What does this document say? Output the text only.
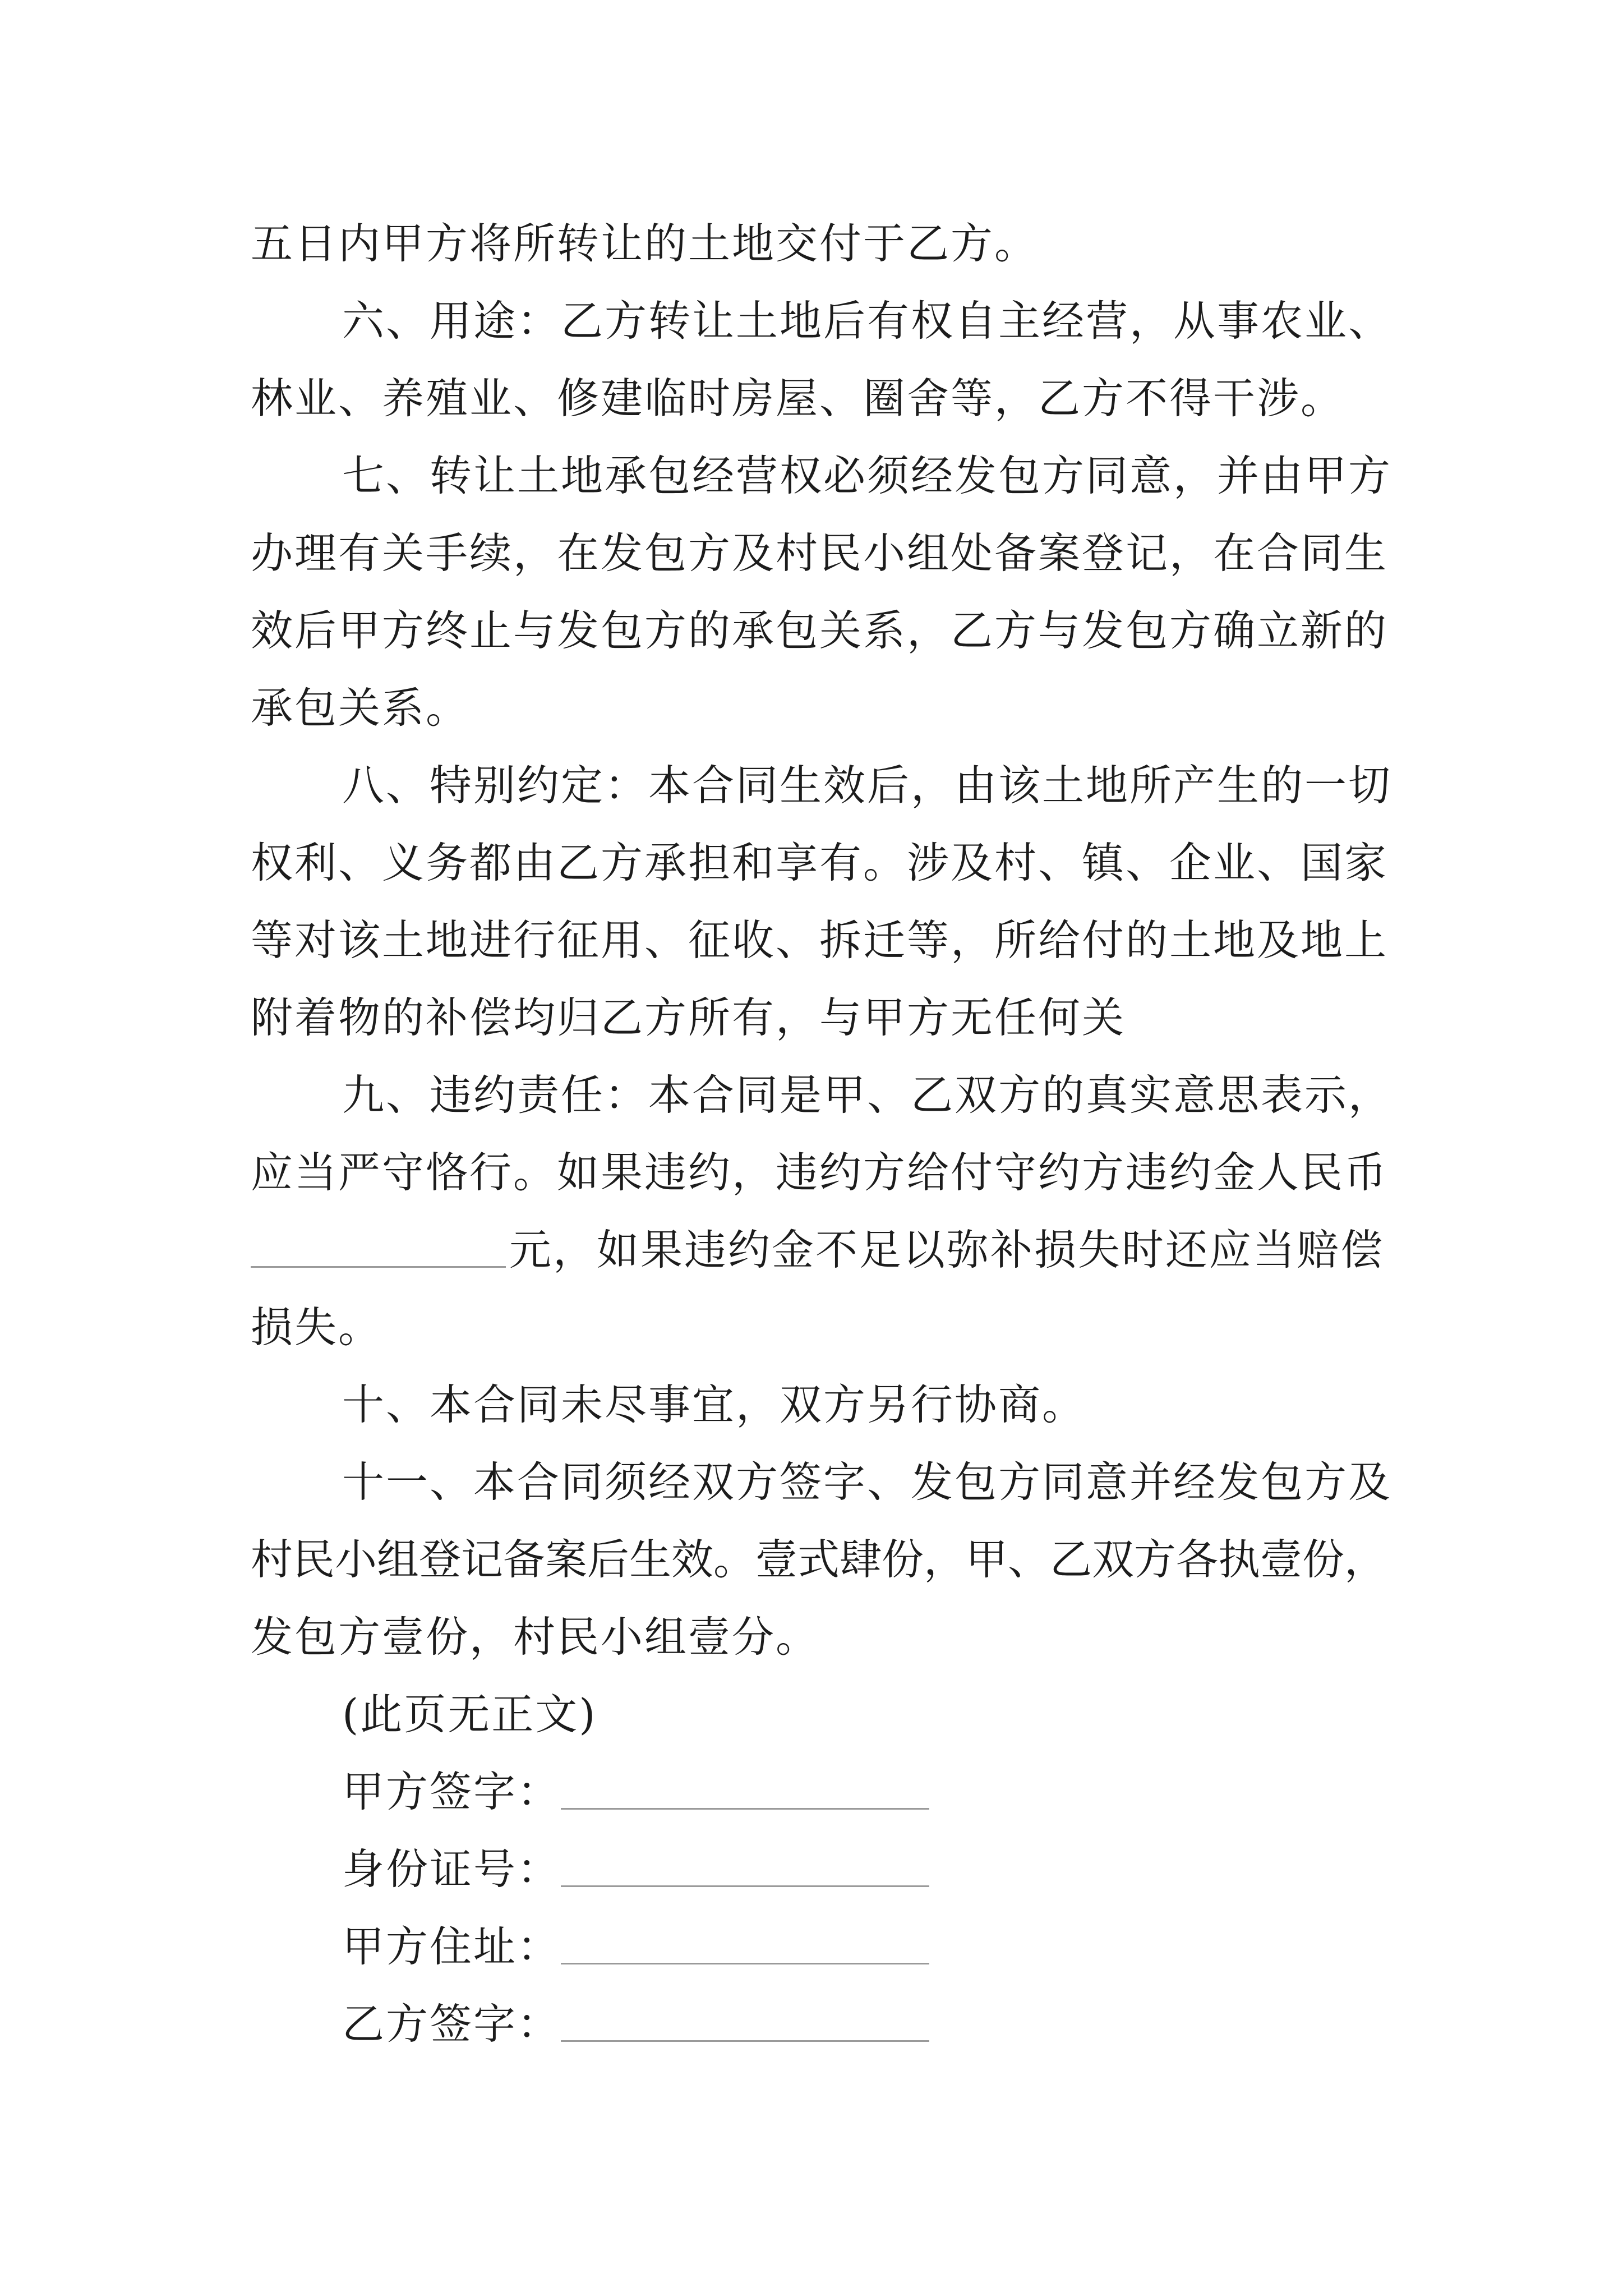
五日内甲方将所转让的土地交付于乙方。
六、用途：乙方转让土地后有权自主经营，从事农业、
林业、养殖业、修建临时房屋、圈舍等，乙方不得干涉。
七、转让土地承包经营权必须经发包方同意，并由甲方
办理有关手续，在发包方及村民小组处备案登记，在合同生
效后甲方终止与发包方的承包关系，乙方与发包方确立新的
承包关系。
八、特别约定：本合同生效后，由该土地所产生的一切
权利、义务都由乙方承担和享有。涉及村、镇、企业、国家
等对该土地进行征用、征收、拆迁等，所给付的土地及地上
附着物的补偿均归乙方所有，与甲方无任何关
九、违约责任：本合同是甲、乙双方的真实意思表示，
应当严守恪行。如果违约，违约方给付守约方违约金人民币
元，如果违约金不足以弥补损失时还应当赔偿
损失。
十、本合同未尽事宜，双方另行协商。
十一、本合同须经双方签字、发包方同意并经发包方及
村民小组登记备案后生效。壹式肆份，甲、乙双方各执壹份，
发包方壹份，村民小组壹分。
(此页无正文)
甲方签字：
身份证号：
甲方住址：
乙方签字：
